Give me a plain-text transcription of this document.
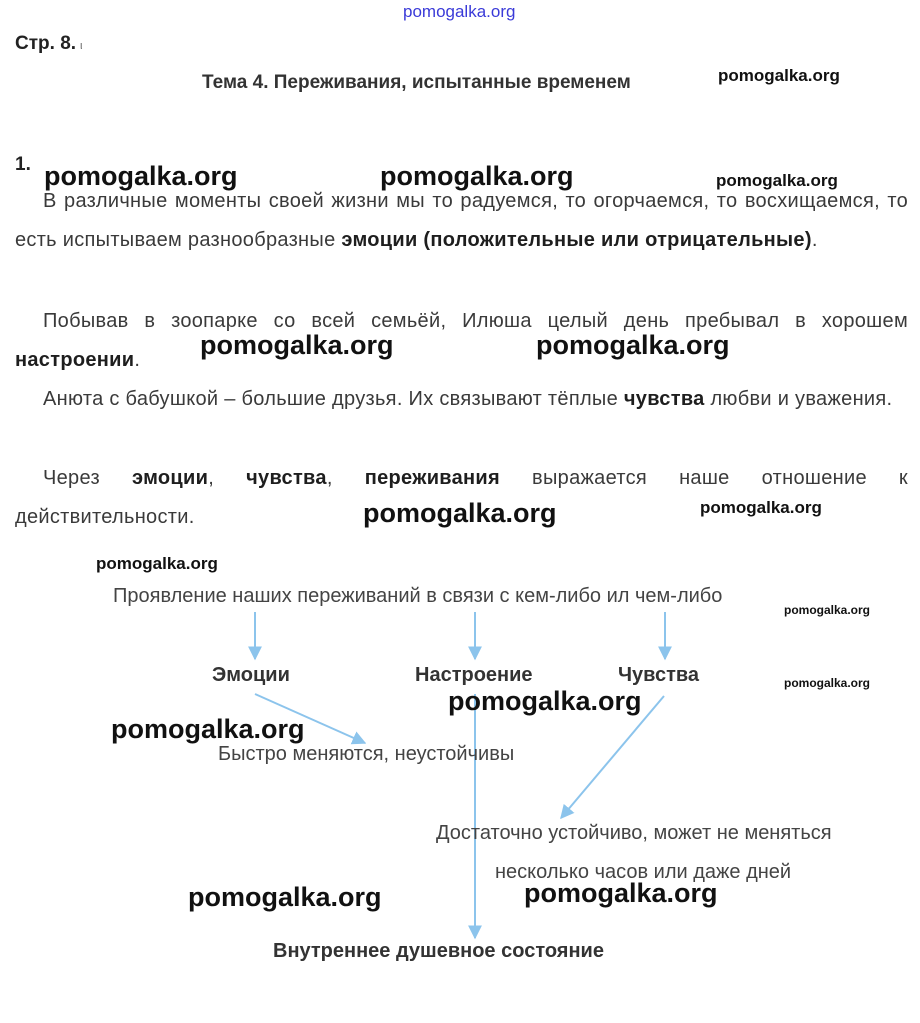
pomogalka.org
Стр. 8. ι
Тема 4. Переживания, испытанные временем
1.

В различные моменты своей жизни мы то радуемся, то огорчаемся, то восхищаемся, то есть испытываем разнообразные эмоции (положительные или отрицательные).

Побывав в зоопарке со всей семьёй, Илюша целый день пребывал в хорошем настроении.

Анюта с бабушкой – большие друзья. Их связывают тёплые чувства любви и уважения.

Через эмоции, чувства, переживания выражается наше отношение к действительности.

Проявление наших переживаний в связи с кем-либо ил чем-либо
Эмоции	Настроение	Чувства
Быстро меняются, неустойчивы
Достаточно устойчиво, может не меняться
несколько часов или даже дней
Внутреннее душевное состояние
pomogalka.org
pomogalka.org	pomogalka.org	pomogalka.org
pomogalka.org	pomogalka.org
pomogalka.org	pomogalka.org
pomogalka.org
pomogalka.org
pomogalka.org
pomogalka.org
pomogalka.org
pomogalka.org	pomogalka.org
